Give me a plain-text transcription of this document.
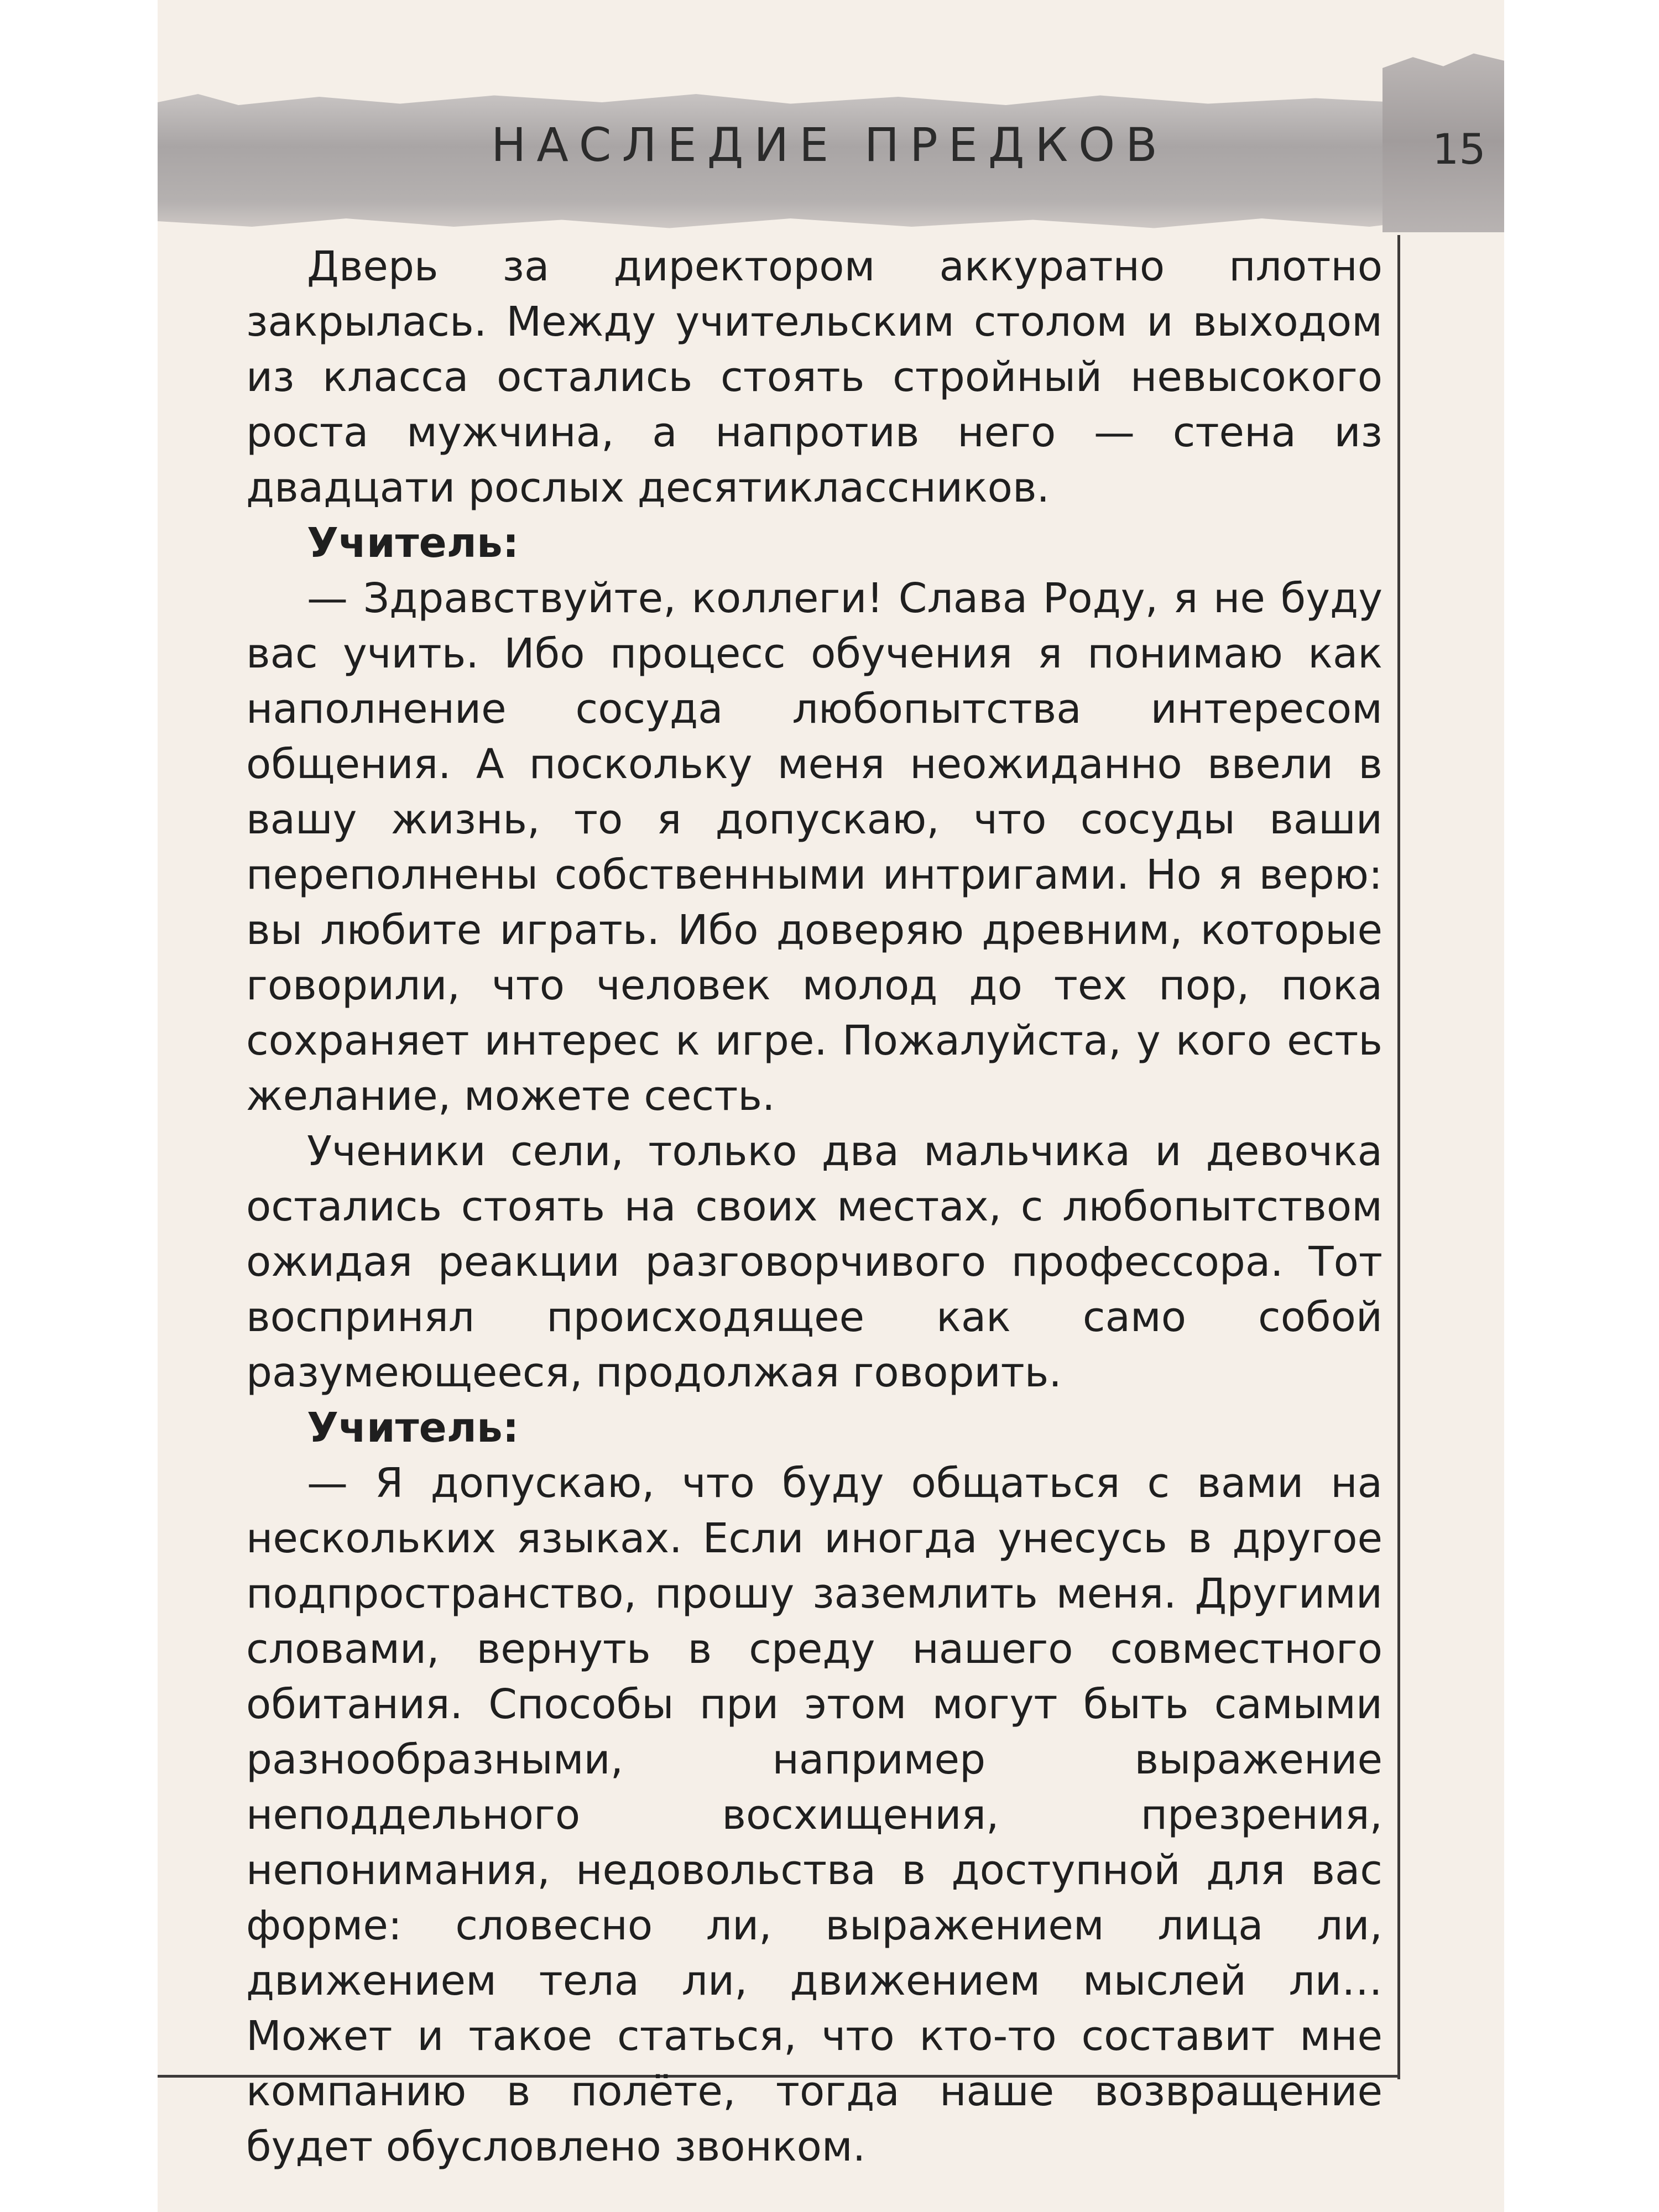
НАСЛЕДИЕ ПРЕДКОВ	15

Дверь за директором аккуратно плотно закрылась. Между учительским столом и выходом из класса остались стоять стройный невысокого роста мужчина, а напротив него — стена из двадцати рослых десятиклассников.

Учитель:

— Здравствуйте, коллеги! Слава Роду, я не буду вас учить. Ибо процесс обучения я понимаю как наполнение сосуда любопытства интересом общения. А поскольку меня неожиданно ввели в вашу жизнь, то я допускаю, что сосуды ваши переполнены собственными интригами. Но я верю: вы любите играть. Ибо доверяю древним, которые говорили, что человек молод до тех пор, пока сохраняет интерес к игре. Пожалуйста, у кого есть желание, можете сесть.

Ученики сели, только два мальчика и девочка остались стоять на своих местах, с любопытством ожидая реакции разговорчивого профессора. Тот воспринял происходящее как само собой разумеющееся, продолжая говорить.

Учитель:

— Я допускаю, что буду общаться с вами на нескольких языках. Если иногда унесусь в другое подпространство, прошу заземлить меня. Другими словами, вернуть в среду нашего совместного обитания. Способы при этом могут быть самыми разнообразными, например выражение неподдельного восхищения, презрения, непонимания, недовольства в доступной для вас форме: словесно ли, выражением лица ли, движением тела ли, движением мыслей ли… Может и такое статься, что кто-то составит мне компанию в полёте, тогда наше возвращение будет обусловлено звонком.
